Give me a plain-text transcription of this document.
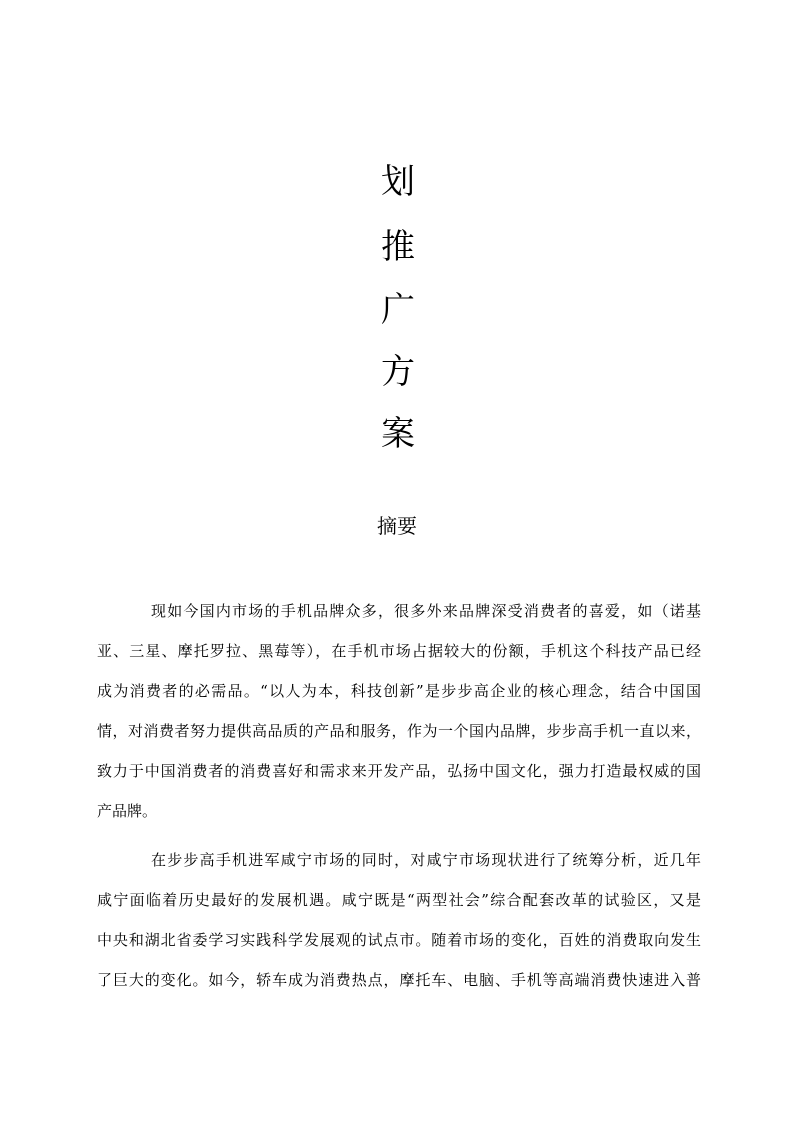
划
推
广
方
案
摘要
现如今国内市场的手机品牌众多，很多外来品牌深受消费者的喜爱，如（诺基
亚、三星、摩托罗拉、黑莓等），在手机市场占据较大的份额，手机这个科技产品已经
成为消费者的必需品。“以人为本，科技创新”是步步高企业的核心理念，结合中国国
情，对消费者努力提供高品质的产品和服务，作为一个国内品牌，步步高手机一直以来，
致力于中国消费者的消费喜好和需求来开发产品，弘扬中国文化，强力打造最权威的国
产品牌。
在步步高手机进军咸宁市场的同时，对咸宁市场现状进行了统筹分析，近几年
咸宁面临着历史最好的发展机遇。咸宁既是“两型社会”综合配套改革的试验区，又是
中央和湖北省委学习实践科学发展观的试点市。随着市场的变化，百姓的消费取向发生
了巨大的变化。如今，轿车成为消费热点，摩托车、电脑、手机等高端消费快速进入普
